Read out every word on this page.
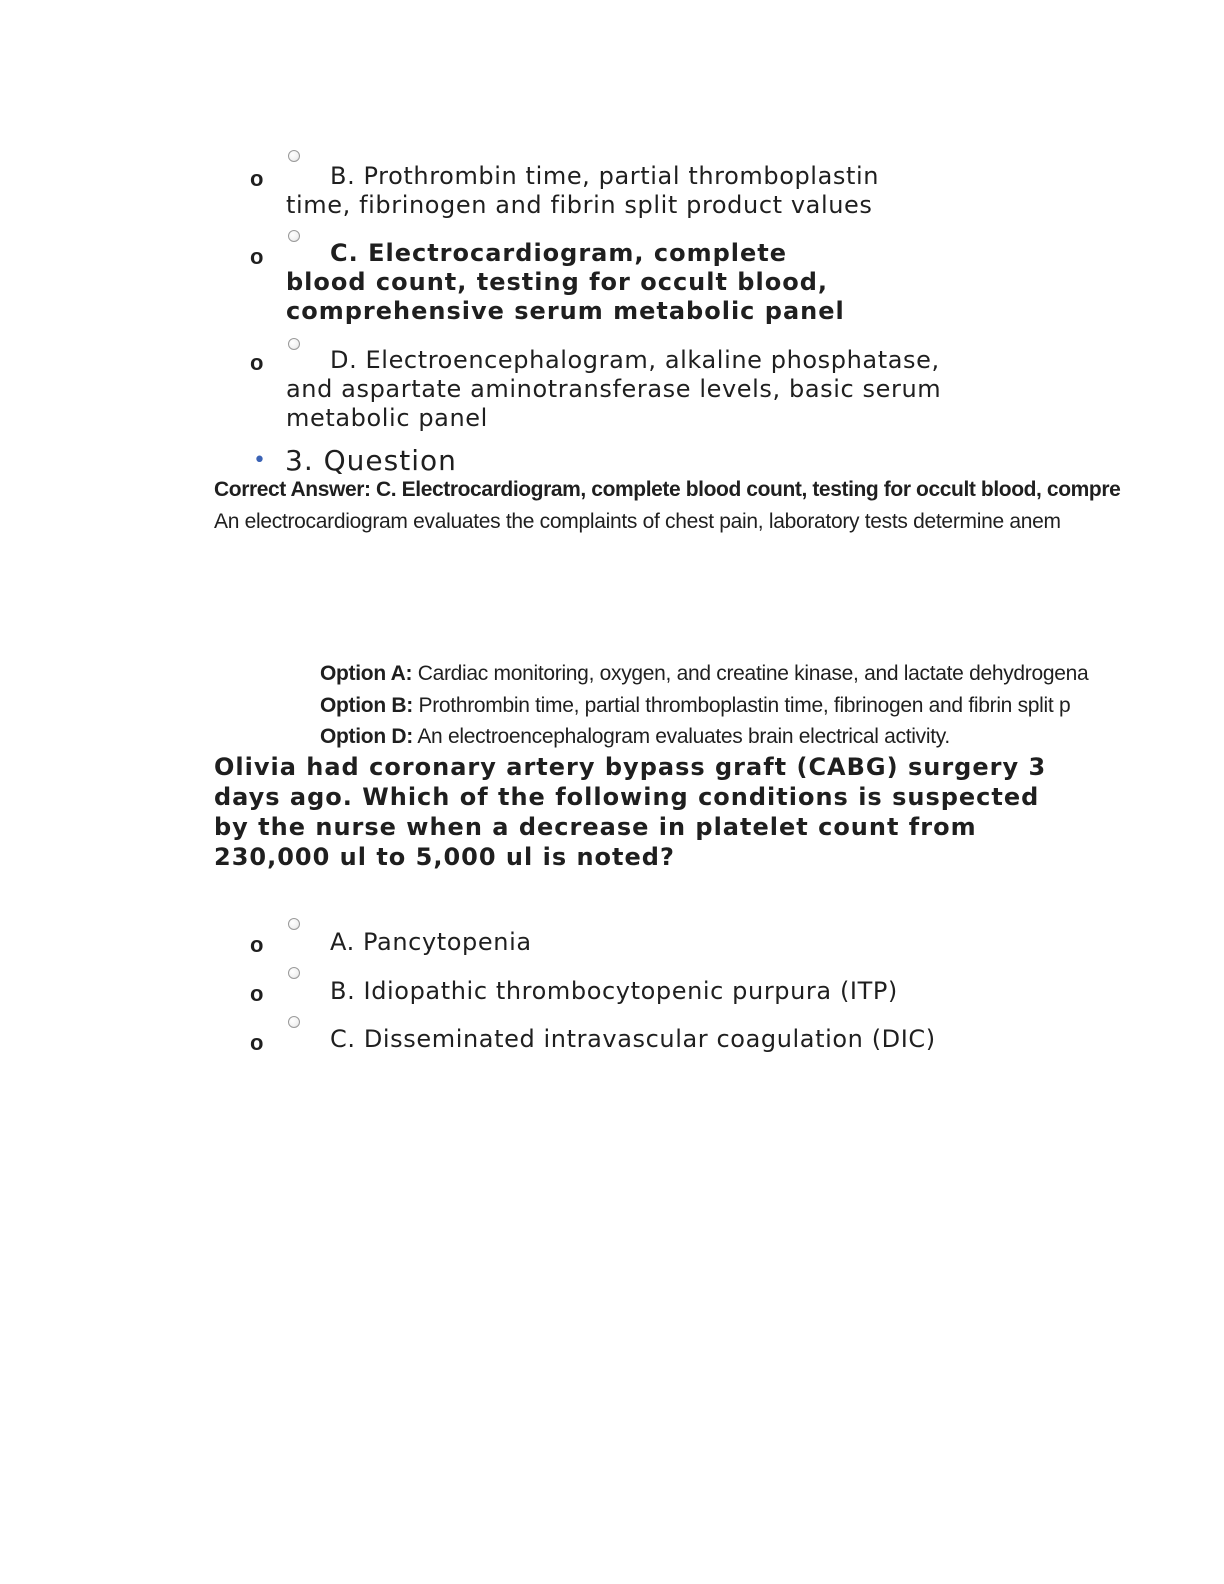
o	B. Prothrombin time, partial thromboplastin
time, fibrinogen and fibrin split product values
o	C. Electrocardiogram, complete
blood count, testing for occult blood,
comprehensive serum metabolic panel
o	D. Electroencephalogram, alkaline phosphatase,
and aspartate aminotransferase levels, basic serum
metabolic panel
• 3. Question
Correct Answer: C. Electrocardiogram, complete blood count, testing for occult blood, compre
An electrocardiogram evaluates the complaints of chest pain, laboratory tests determine anem
Option A: Cardiac monitoring, oxygen, and creatine kinase, and lactate dehydrogena
Option B: Prothrombin time, partial thromboplastin time, fibrinogen and fibrin split p
Option D: An electroencephalogram evaluates brain electrical activity.
Olivia had coronary artery bypass graft (CABG) surgery 3
days ago. Which of the following conditions is suspected
by the nurse when a decrease in platelet count from
230,000 ul to 5,000 ul is noted?
o	A. Pancytopenia
o	B. Idiopathic thrombocytopenic purpura (ITP)
o	C. Disseminated intravascular coagulation (DIC)
